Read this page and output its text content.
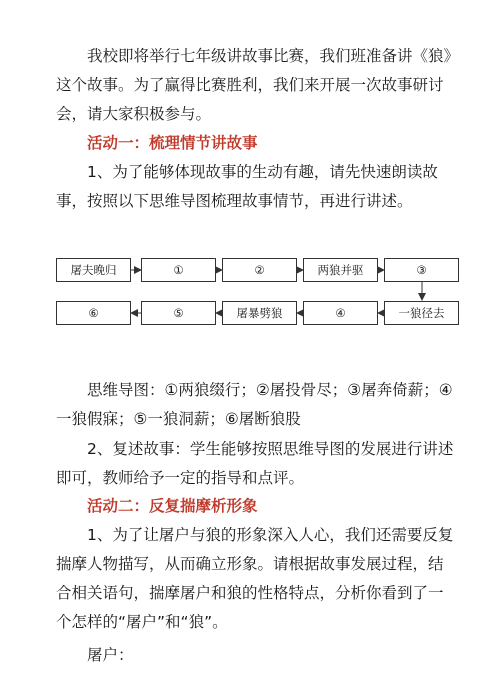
我校即将举行七年级讲故事比赛，我们班准备讲《狼》这个故事。为了赢得比赛胜利，我们来开展一次故事研讨会，请大家积极参与。

活动一：梳理情节讲故事

1、为了能够体现故事的生动有趣，请先快速朗读故事，按照以下思维导图梳理故事情节，再进行讲述。

屠夫晚归	①	②	两狼并驱	③
⑥	⑤	屠暴劈狼	④	一狼径去

思维导图：①两狼缀行；②屠投骨尽；③屠奔倚薪；④一狼假寐；⑤一狼洞薪；⑥屠断狼股

2、复述故事：学生能够按照思维导图的发展进行讲述即可，教师给予一定的指导和点评。

活动二：反复揣摩析形象

1、为了让屠户与狼的形象深入人心，我们还需要反复揣摩人物描写，从而确立形象。请根据故事发展过程，结合相关语句，揣摩屠户和狼的性格特点，分析你看到了一个怎样的“屠户”和“狼”。

屠户：
